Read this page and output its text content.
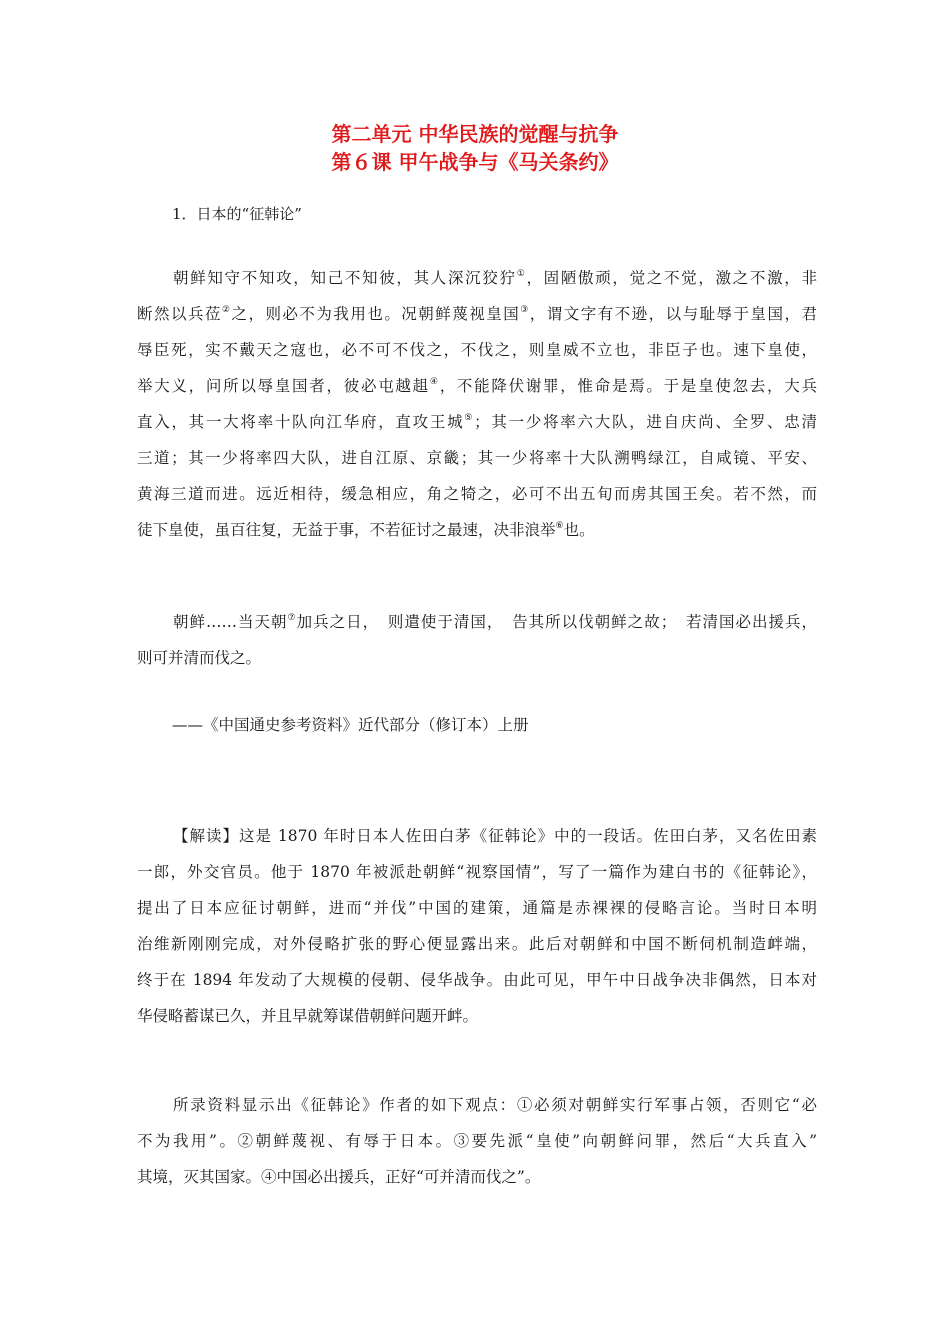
第二单元 中华民族的觉醒与抗争
第６课 甲午战争与《马关条约》
1．日本的“征韩论”
朝鲜知守不知攻，知己不知彼，其人深沉狡狞①，固陋傲顽，觉之不觉，激之不激，非
断然以兵莅②之，则必不为我用也。况朝鲜蔑视皇国③，谓文字有不逊，以与耻辱于皇国，君
辱臣死，实不戴天之寇也，必不可不伐之，不伐之，则皇威不立也，非臣子也。速下皇使，
举大义，问所以辱皇国者，彼必屯越趄④，不能降伏谢罪，惟命是焉。于是皇使忽去，大兵
直入，其一大将率十队向江华府，直攻王城⑤；其一少将率六大队，进自庆尚、全罗、忠清
三道；其一少将率四大队，进自江原、京畿；其一少将率十大队溯鸭绿江，自咸镜、平安、
黄海三道而进。远近相待，缓急相应，角之犄之，必可不出五旬而虏其国王矣。若不然，而
徒下皇使，虽百往复，无益于事，不若征讨之最速，决非浪举⑥也。
朝鲜……当天朝⑦加兵之日，　则遣使于清国，　告其所以伐朝鲜之故；　若清国必出援兵，
则可并清而伐之。
——《中国通史参考资料》近代部分（修订本）上册
【解读】这是 1870 年时日本人佐田白茅《征韩论》中的一段话。佐田白茅，又名佐田素
一郎，外交官员。他于 1870 年被派赴朝鲜“视察国情”，写了一篇作为建白书的《征韩论》，
提出了日本应征讨朝鲜，进而“并伐”中国的建策，通篇是赤裸裸的侵略言论。当时日本明
治维新刚刚完成，对外侵略扩张的野心便显露出来。此后对朝鲜和中国不断伺机制造衅端，
终于在 1894 年发动了大规模的侵朝、侵华战争。由此可见，甲午中日战争决非偶然，日本对
华侵略蓄谋已久，并且早就筹谋借朝鲜问题开衅。
所录资料显示出《征韩论》作者的如下观点：①必须对朝鲜实行军事占领，否则它“必
不为我用”。②朝鲜蔑视、有辱于日本。③要先派“皇使”向朝鲜问罪，然后“大兵直入”
其境，灭其国家。④中国必出援兵，正好“可并清而伐之”。
